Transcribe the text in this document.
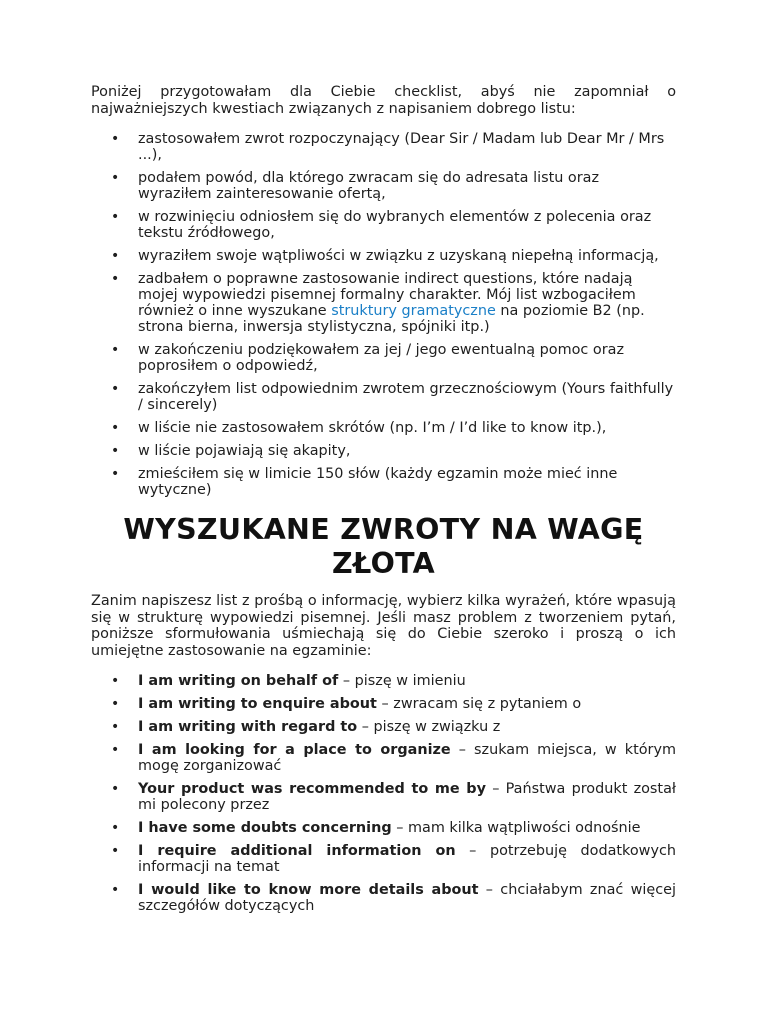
Poniżej przygotowałam dla Ciebie checklist, abyś nie zapomniał o najważniejszych kwestiach związanych z napisaniem dobrego listu:

• zastosowałem zwrot rozpoczynający (Dear Sir / Madam lub Dear Mr / Mrs ...),
• podałem powód, dla którego zwracam się do adresata listu oraz wyraziłem zainteresowanie ofertą,
• w rozwinięciu odniosłem się do wybranych elementów z polecenia oraz tekstu źródłowego,
• wyraziłem swoje wątpliwości w związku z uzyskaną niepełną informacją,
• zadbałem o poprawne zastosowanie indirect questions, które nadają mojej wypowiedzi pisemnej formalny charakter. Mój list wzbogaciłem również o inne wyszukane struktury gramatyczne na poziomie B2 (np. strona bierna, inwersja stylistyczna, spójniki itp.)
• w zakończeniu podziękowałem za jej / jego ewentualną pomoc oraz poprosiłem o odpowiedź,
• zakończyłem list odpowiednim zwrotem grzecznościowym (Yours faithfully / sincerely)
• w liście nie zastosowałem skrótów (np. I’m / I’d like to know itp.),
• w liście pojawiają się akapity,
• zmieściłem się w limicie 150 słów (każdy egzamin może mieć inne wytyczne)
WYSZUKANE ZWROTY NA WAGĘ ZŁOTA

Zanim napiszesz list z prośbą o informację, wybierz kilka wyrażeń, które wpasują się w strukturę wypowiedzi pisemnej. Jeśli masz problem z tworzeniem pytań, poniższe sformułowania uśmiechają się do Ciebie szeroko i proszą o ich umiejętne zastosowanie na egzaminie:

• I am writing on behalf of – piszę w imieniu
• I am writing to enquire about – zwracam się z pytaniem o
• I am writing with regard to – piszę w związku z
• I am looking for a place to organize – szukam miejsca, w którym mogę zorganizować
• Your product was recommended to me by – Państwa produkt został mi polecony przez
• I have some doubts concerning – mam kilka wątpliwości odnośnie
• I require additional information on – potrzebuję dodatkowych informacji na temat
• I would like to know more details about – chciałabym znać więcej szczegółów dotyczących
